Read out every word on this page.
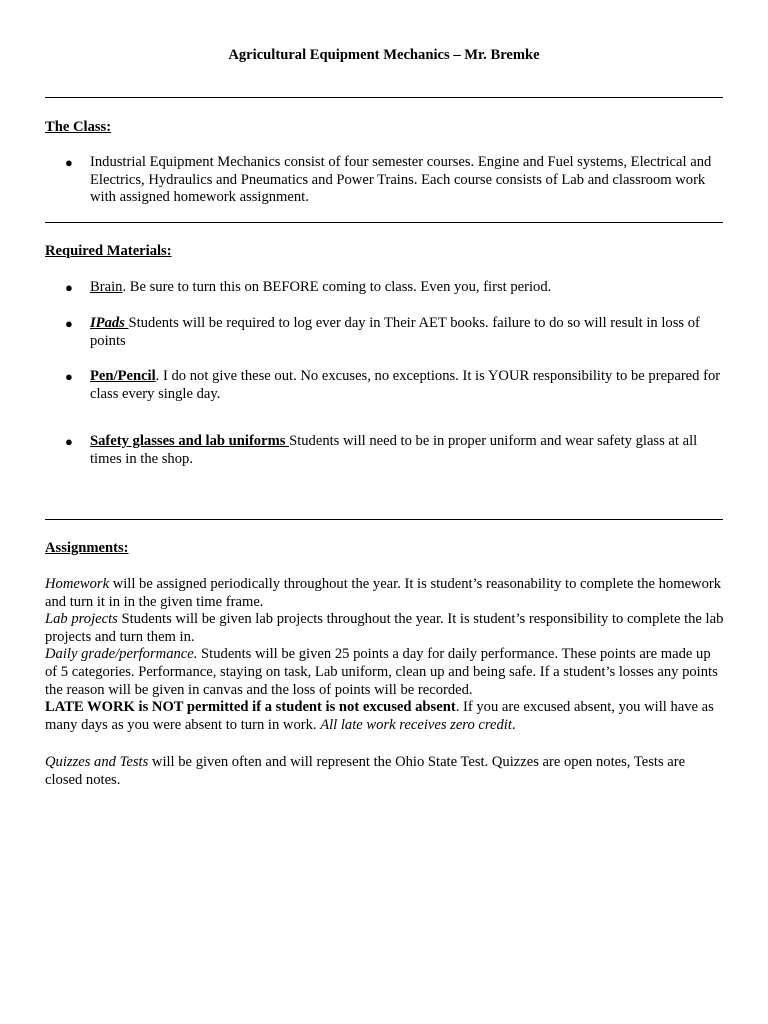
Agricultural Equipment Mechanics – Mr. Bremke
The Class:
● Industrial Equipment Mechanics consist of four semester courses. Engine and Fuel systems, Electrical and Electrics, Hydraulics and Pneumatics and Power Trains. Each course consists of Lab and classroom work with assigned homework assignment.
Required Materials:
● Brain. Be sure to turn this on BEFORE coming to class. Even you, first period.
● IPads Students will be required to log ever day in Their AET books. failure to do so will result in loss of points
● Pen/Pencil. I do not give these out. No excuses, no exceptions. It is YOUR responsibility to be prepared for class every single day.
● Safety glasses and lab uniforms Students will need to be in proper uniform and wear safety glass at all times in the shop.
Assignments:
Homework will be assigned periodically throughout the year. It is student’s reasonability to complete the homework and turn it in in the given time frame.
Lab projects Students will be given lab projects throughout the year. It is student’s responsibility to complete the lab projects and turn them in.
Daily grade/performance. Students will be given 25 points a day for daily performance. These points are made up of 5 categories. Performance, staying on task, Lab uniform, clean up and being safe. If a student’s losses any points the reason will be given in canvas and the loss of points will be recorded.
LATE WORK is NOT permitted if a student is not excused absent. If you are excused absent, you will have as many days as you were absent to turn in work. All late work receives zero credit.
Quizzes and Tests will be given often and will represent the Ohio State Test. Quizzes are open notes, Tests are closed notes.
